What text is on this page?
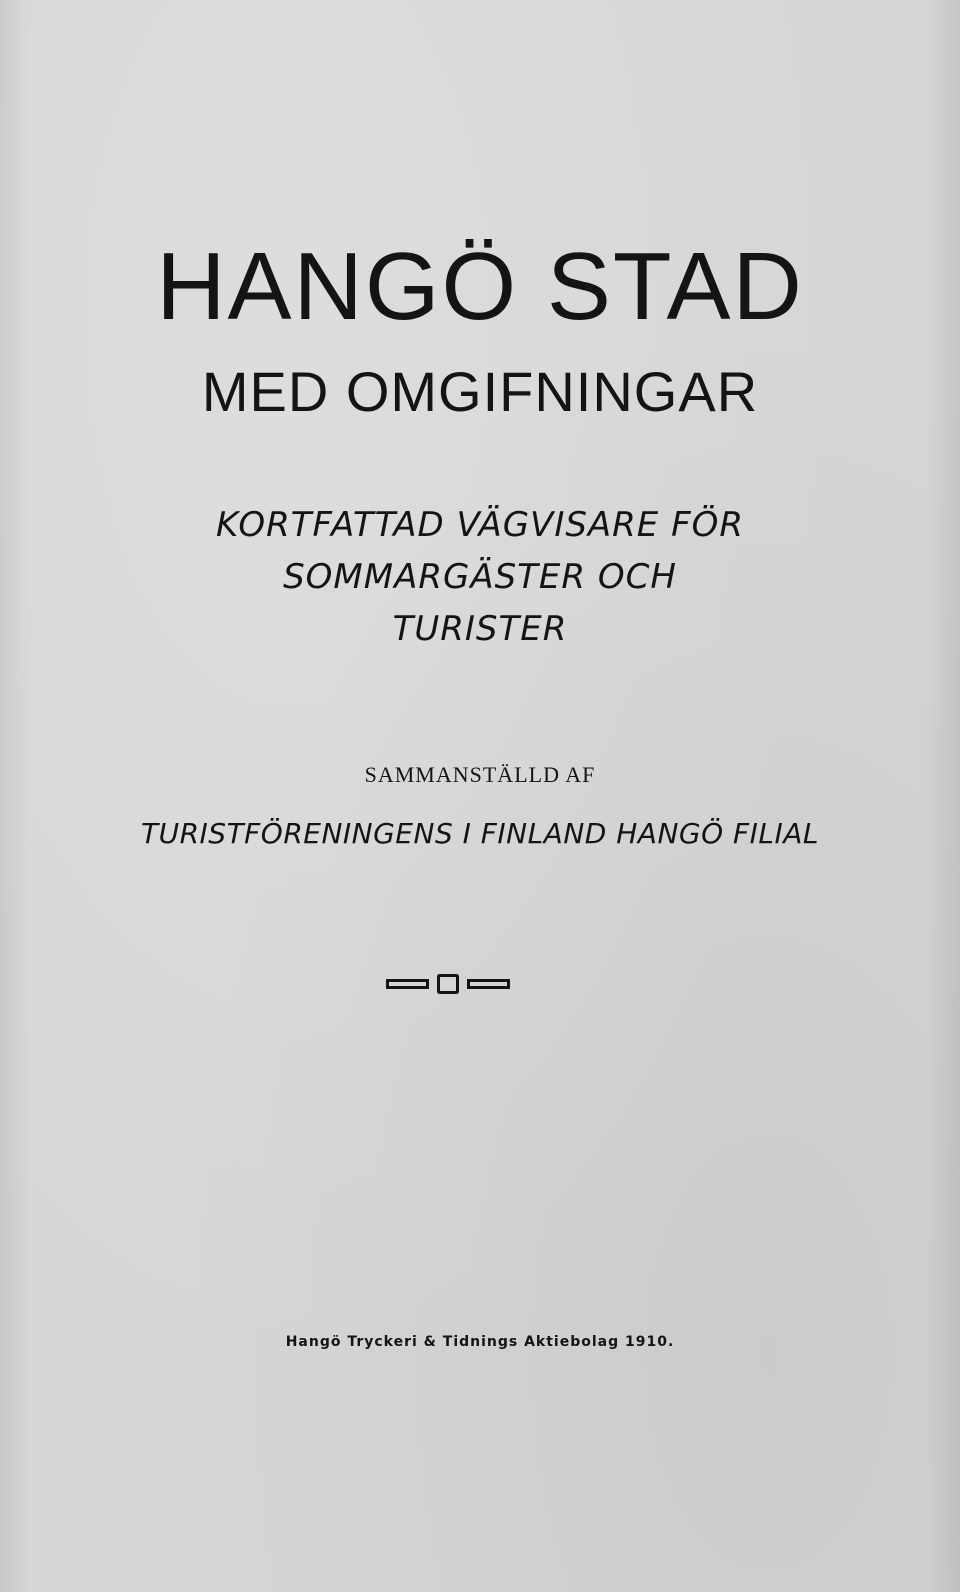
HANGÖ STAD
MED OMGIFNINGAR
KORTFATTAD VÄGVISARE FÖR
SOMMARGÄSTER OCH
TURISTER
SAMMANSTÄLLD AF
TURISTFÖRENINGENS I FINLAND HANGÖ FILIAL
Hangö Tryckeri & Tidnings Aktiebolag 1910.
